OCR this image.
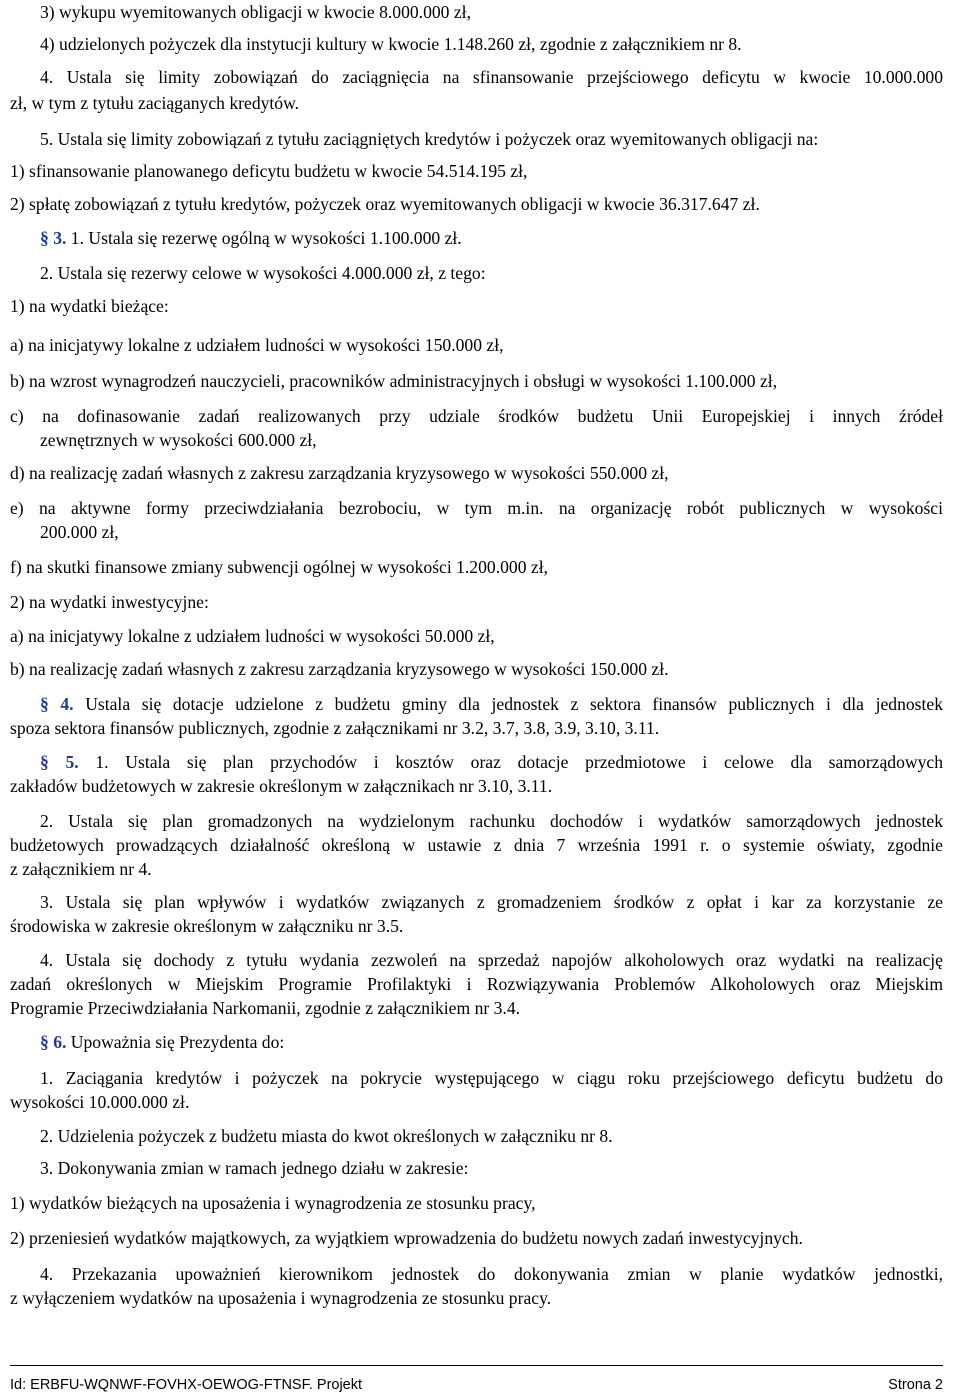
3) wykupu wyemitowanych obligacji w kwocie 8.000.000 zł,
4) udzielonych pożyczek dla instytucji kultury w kwocie 1.148.260 zł, zgodnie z załącznikiem nr 8.
4. Ustala się limity zobowiązań do zaciągnięcia na sfinansowanie przejściowego deficytu w kwocie 10.000.000
zł, w tym z tytułu zaciąganych kredytów.
5. Ustala się limity zobowiązań z tytułu zaciągniętych kredytów i pożyczek oraz wyemitowanych obligacji na:
1) sfinansowanie planowanego deficytu budżetu w kwocie 54.514.195 zł,
2) spłatę zobowiązań z tytułu kredytów, pożyczek oraz wyemitowanych obligacji w kwocie 36.317.647 zł.
§ 3. 1. Ustala się rezerwę ogólną w wysokości 1.100.000 zł.
2. Ustala się rezerwy celowe w wysokości 4.000.000 zł, z tego:
1) na wydatki bieżące:
a) na inicjatywy lokalne z udziałem ludności w wysokości 150.000 zł,
b) na wzrost wynagrodzeń nauczycieli, pracowników administracyjnych i obsługi w wysokości 1.100.000 zł,
c) na dofinasowanie zadań realizowanych przy udziale środków budżetu Unii Europejskiej i innych źródeł
zewnętrznych w wysokości 600.000 zł,
d) na realizację zadań własnych z zakresu zarządzania kryzysowego w wysokości 550.000 zł,
e) na aktywne formy przeciwdziałania bezrobociu, w tym m.in. na organizację robót publicznych w wysokości
200.000 zł,
f) na skutki finansowe zmiany subwencji ogólnej w wysokości 1.200.000 zł,
2) na wydatki inwestycyjne:
a) na inicjatywy lokalne z udziałem ludności w wysokości 50.000 zł,
b) na realizację zadań własnych z zakresu zarządzania kryzysowego w wysokości 150.000 zł.
§ 4. Ustala się dotacje udzielone z budżetu gminy dla jednostek z sektora finansów publicznych i dla jednostek
spoza sektora finansów publicznych, zgodnie z załącznikami nr 3.2, 3.7, 3.8, 3.9, 3.10, 3.11.
§ 5. 1. Ustala się plan przychodów i kosztów oraz dotacje przedmiotowe i celowe dla samorządowych
zakładów budżetowych w zakresie określonym w załącznikach nr 3.10, 3.11.
2. Ustala się plan gromadzonych na wydzielonym rachunku dochodów i wydatków samorządowych jednostek
budżetowych prowadzących działalność określoną w ustawie z dnia 7 września 1991 r. o systemie oświaty, zgodnie
z załącznikiem nr 4.
3. Ustala się plan wpływów i wydatków związanych z gromadzeniem środków z opłat i kar za korzystanie ze
środowiska w zakresie określonym w załączniku nr 3.5.
4. Ustala się dochody z tytułu wydania zezwoleń na sprzedaż napojów alkoholowych oraz wydatki na realizację
zadań określonych w Miejskim Programie Profilaktyki i Rozwiązywania Problemów Alkoholowych oraz Miejskim
Programie Przeciwdziałania Narkomanii, zgodnie z załącznikiem nr 3.4.
§ 6. Upoważnia się Prezydenta do:
1. Zaciągania kredytów i pożyczek na pokrycie występującego w ciągu roku przejściowego deficytu budżetu do
wysokości 10.000.000 zł.
2. Udzielenia pożyczek z budżetu miasta do kwot określonych w załączniku nr 8.
3. Dokonywania zmian w ramach jednego działu w zakresie:
1) wydatków bieżących na uposażenia i wynagrodzenia ze stosunku pracy,
2) przeniesień wydatków majątkowych, za wyjątkiem wprowadzenia do budżetu nowych zadań inwestycyjnych.
4. Przekazania upoważnień kierownikom jednostek do dokonywania zmian w planie wydatków jednostki,
z wyłączeniem wydatków na uposażenia i wynagrodzenia ze stosunku pracy.
Id: ERBFU-WQNWF-FOVHX-OEWOG-FTNSF. Projekt	Strona 2
